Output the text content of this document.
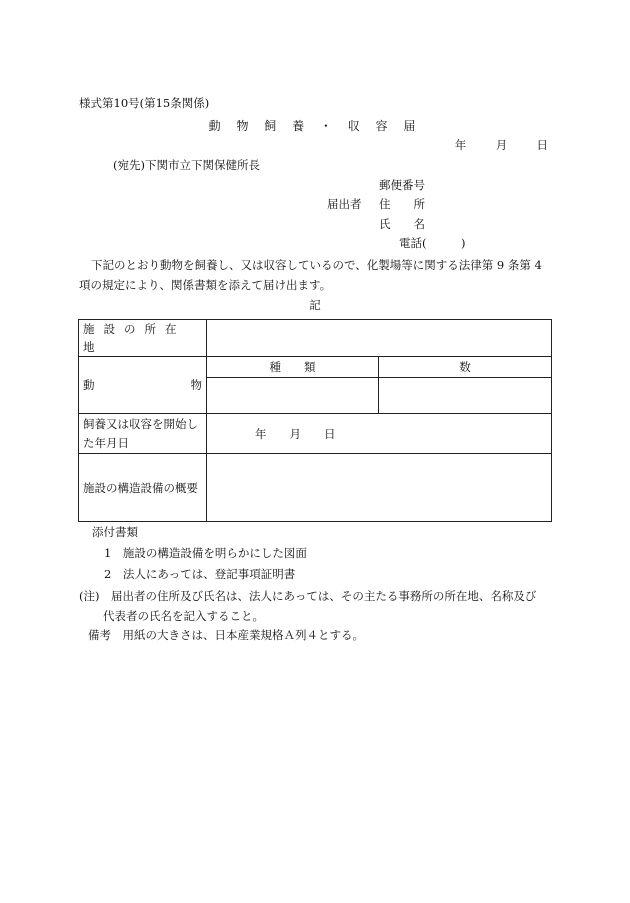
様式第10号(第15条関係)
動 物 飼 養 ・ 収 容 届
年	月	日
(宛先)下関市立下関保健所長
郵便番号
届出者 住　　所
氏　　名
電話(　　　)
下記のとおり動物を飼養し、又は収容しているので、化製場等に関する法律第 9 条第 4 項の規定により、関係書類を添えて届け出ます。
記
施設の所在地		

動 物	種　　類	数

飼養又は収容を開始した年月日	年　　月　　日	
施設の構造設備の概要		
添付書類
1　施設の構造設備を明らかにした図面
2　法人にあっては、登記事項証明書
(注)　届出者の住所及び氏名は、法人にあっては、その主たる事務所の所在地、名称及び
代表者の氏名を記入すること。
備考　用紙の大きさは、日本産業規格Ａ列４とする。
